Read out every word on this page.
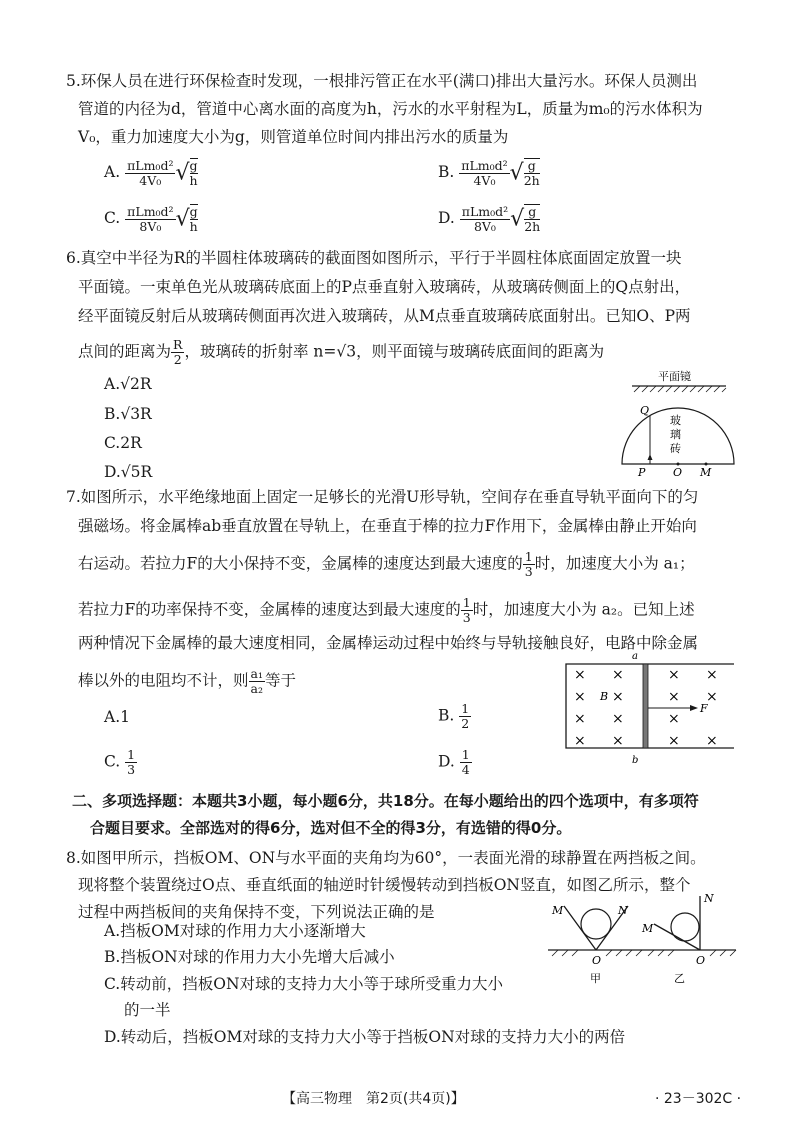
5.环保人员在进行环保检查时发现，一根排污管正在水平(满口)排出大量污水。环保人员测出
管道的内径为d，管道中心离水面的高度为h，污水的水平射程为L，质量为m₀的污水体积为
V₀，重力加速度大小为g，则管道单位时间内排出污水的质量为
A. $\frac{\text{πLm₀d²}}{\text{4V₀}}$ √ $\frac{g}{h}$	B. $\frac{\text{πLm₀d²}}{\text{4V₀}}$ √ $\frac{g}{2h}$
C. $\frac{\text{πLm₀d²}}{\text{8V₀}}$ √ $\frac{g}{h}$	D. $\frac{\text{πLm₀d²}}{\text{8V₀}}$ √ $\frac{g}{2h}$
6.真空中半径为R的半圆柱体玻璃砖的截面图如图所示，平行于半圆柱体底面固定放置一块
平面镜。一束单色光从玻璃砖底面上的P点垂直射入玻璃砖，从玻璃砖侧面上的Q点射出，
经平面镜反射后从玻璃砖侧面再次进入玻璃砖，从M点垂直玻璃砖底面射出。已知O、P两
点间的距离为 $\frac{R}{2}$ ，玻璃砖的折射率 n=√3，则平面镜与玻璃砖底面间的距离为
A.√2R
B.√3R
C.2R
D.√5R
平面镜
Q
玻
璃
砖
P	O M
7.如图所示，水平绝缘地面上固定一足够长的光滑U形导轨，空间存在垂直导轨平面向下的匀
强磁场。将金属棒ab垂直放置在导轨上，在垂直于棒的拉力F作用下，金属棒由静止开始向
右运动。若拉力F的大小保持不变，金属棒的速度达到最大速度的 $\frac{1}{3}$ 时，加速度大小为 a₁；
若拉力F的功率保持不变，金属棒的速度达到最大速度的 $\frac{1}{3}$ 时，加速度大小为 a₂。已知上述
两种情况下金属棒的最大速度相同，金属棒运动过程中始终与导轨接触良好，电路中除金属
棒以外的电阻均不计，则 $\frac{\text{a₁}}{\text{a₂}}$ 等于
A.1	B. $\frac{1}{2}$
C. $\frac{1}{3}$	D. $\frac{1}{4}$
a
b
× ×
× ×
× ×
× ×
× ×
× ×
× ×
×
B
F
二、多项选择题：本题共3小题，每小题6分，共18分。在每小题给出的四个选项中，有多项符
合题目要求。全部选对的得6分，选对但不全的得3分，有选错的得0分。
8.如图甲所示，挡板OM、ON与水平面的夹角均为60°，一表面光滑的球静置在两挡板之间。
现将整个装置绕过O点、垂直纸面的轴逆时针缓慢转动到挡板ON竖直，如图乙所示，整个
过程中两挡板间的夹角保持不变，下列说法正确的是
A.挡板OM对球的作用力大小逐渐增大
B.挡板ON对球的作用力大小先增大后减小
C.转动前，挡板ON对球的支持力大小等于球所受重力大小
的一半
D.转动后，挡板OM对球的支持力大小等于挡板ON对球的支持力大小的两倍
M	N
O
甲
M
N
O
乙
【高三物理　第2页(共4页)】	· 23－302C ·
